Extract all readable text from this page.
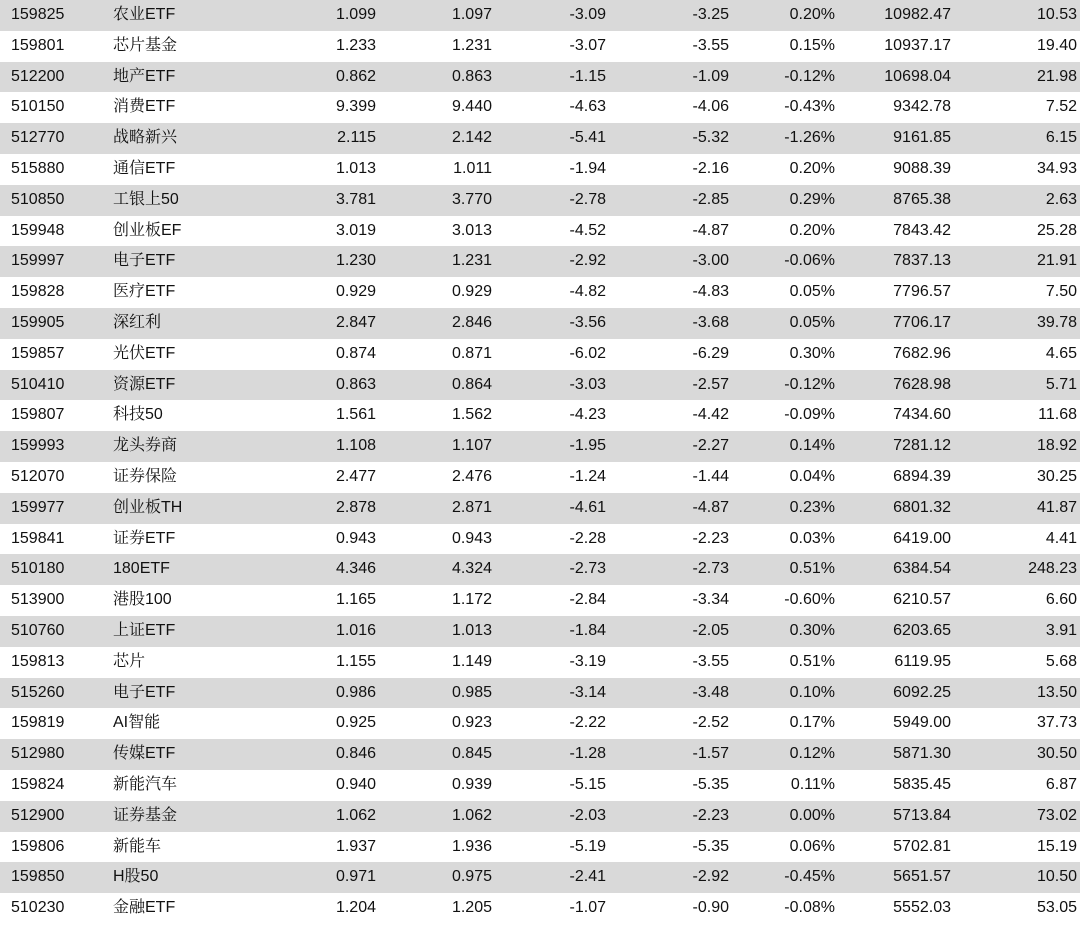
159825	农业ETF	1.099	1.097	-3.09	-3.25	0.20%	10982.47	10.53
159801	芯片基金	1.233	1.231	-3.07	-3.55	0.15%	10937.17	19.40
512200	地产ETF	0.862	0.863	-1.15	-1.09	-0.12%	10698.04	21.98
510150	消费ETF	9.399	9.440	-4.63	-4.06	-0.43%	9342.78	7.52
512770	战略新兴	2.115	2.142	-5.41	-5.32	-1.26%	9161.85	6.15
515880	通信ETF	1.013	1.011	-1.94	-2.16	0.20%	9088.39	34.93
510850	工银上50	3.781	3.770	-2.78	-2.85	0.29%	8765.38	2.63
159948	创业板EF	3.019	3.013	-4.52	-4.87	0.20%	7843.42	25.28
159997	电子ETF	1.230	1.231	-2.92	-3.00	-0.06%	7837.13	21.91
159828	医疗ETF	0.929	0.929	-4.82	-4.83	0.05%	7796.57	7.50
159905	深红利	2.847	2.846	-3.56	-3.68	0.05%	7706.17	39.78
159857	光伏ETF	0.874	0.871	-6.02	-6.29	0.30%	7682.96	4.65
510410	资源ETF	0.863	0.864	-3.03	-2.57	-0.12%	7628.98	5.71
159807	科技50	1.561	1.562	-4.23	-4.42	-0.09%	7434.60	11.68
159993	龙头券商	1.108	1.107	-1.95	-2.27	0.14%	7281.12	18.92
512070	证券保险	2.477	2.476	-1.24	-1.44	0.04%	6894.39	30.25
159977	创业板TH	2.878	2.871	-4.61	-4.87	0.23%	6801.32	41.87
159841	证券ETF	0.943	0.943	-2.28	-2.23	0.03%	6419.00	4.41
510180	180ETF	4.346	4.324	-2.73	-2.73	0.51%	6384.54	248.23
513900	港股100	1.165	1.172	-2.84	-3.34	-0.60%	6210.57	6.60
510760	上证ETF	1.016	1.013	-1.84	-2.05	0.30%	6203.65	3.91
159813	芯片	1.155	1.149	-3.19	-3.55	0.51%	6119.95	5.68
515260	电子ETF	0.986	0.985	-3.14	-3.48	0.10%	6092.25	13.50
159819	AI智能	0.925	0.923	-2.22	-2.52	0.17%	5949.00	37.73
512980	传媒ETF	0.846	0.845	-1.28	-1.57	0.12%	5871.30	30.50
159824	新能汽车	0.940	0.939	-5.15	-5.35	0.11%	5835.45	6.87
512900	证券基金	1.062	1.062	-2.03	-2.23	0.00%	5713.84	73.02
159806	新能车	1.937	1.936	-5.19	-5.35	0.06%	5702.81	15.19
159850	H股50	0.971	0.975	-2.41	-2.92	-0.45%	5651.57	10.50
510230	金融ETF	1.204	1.205	-1.07	-0.90	-0.08%	5552.03	53.05
